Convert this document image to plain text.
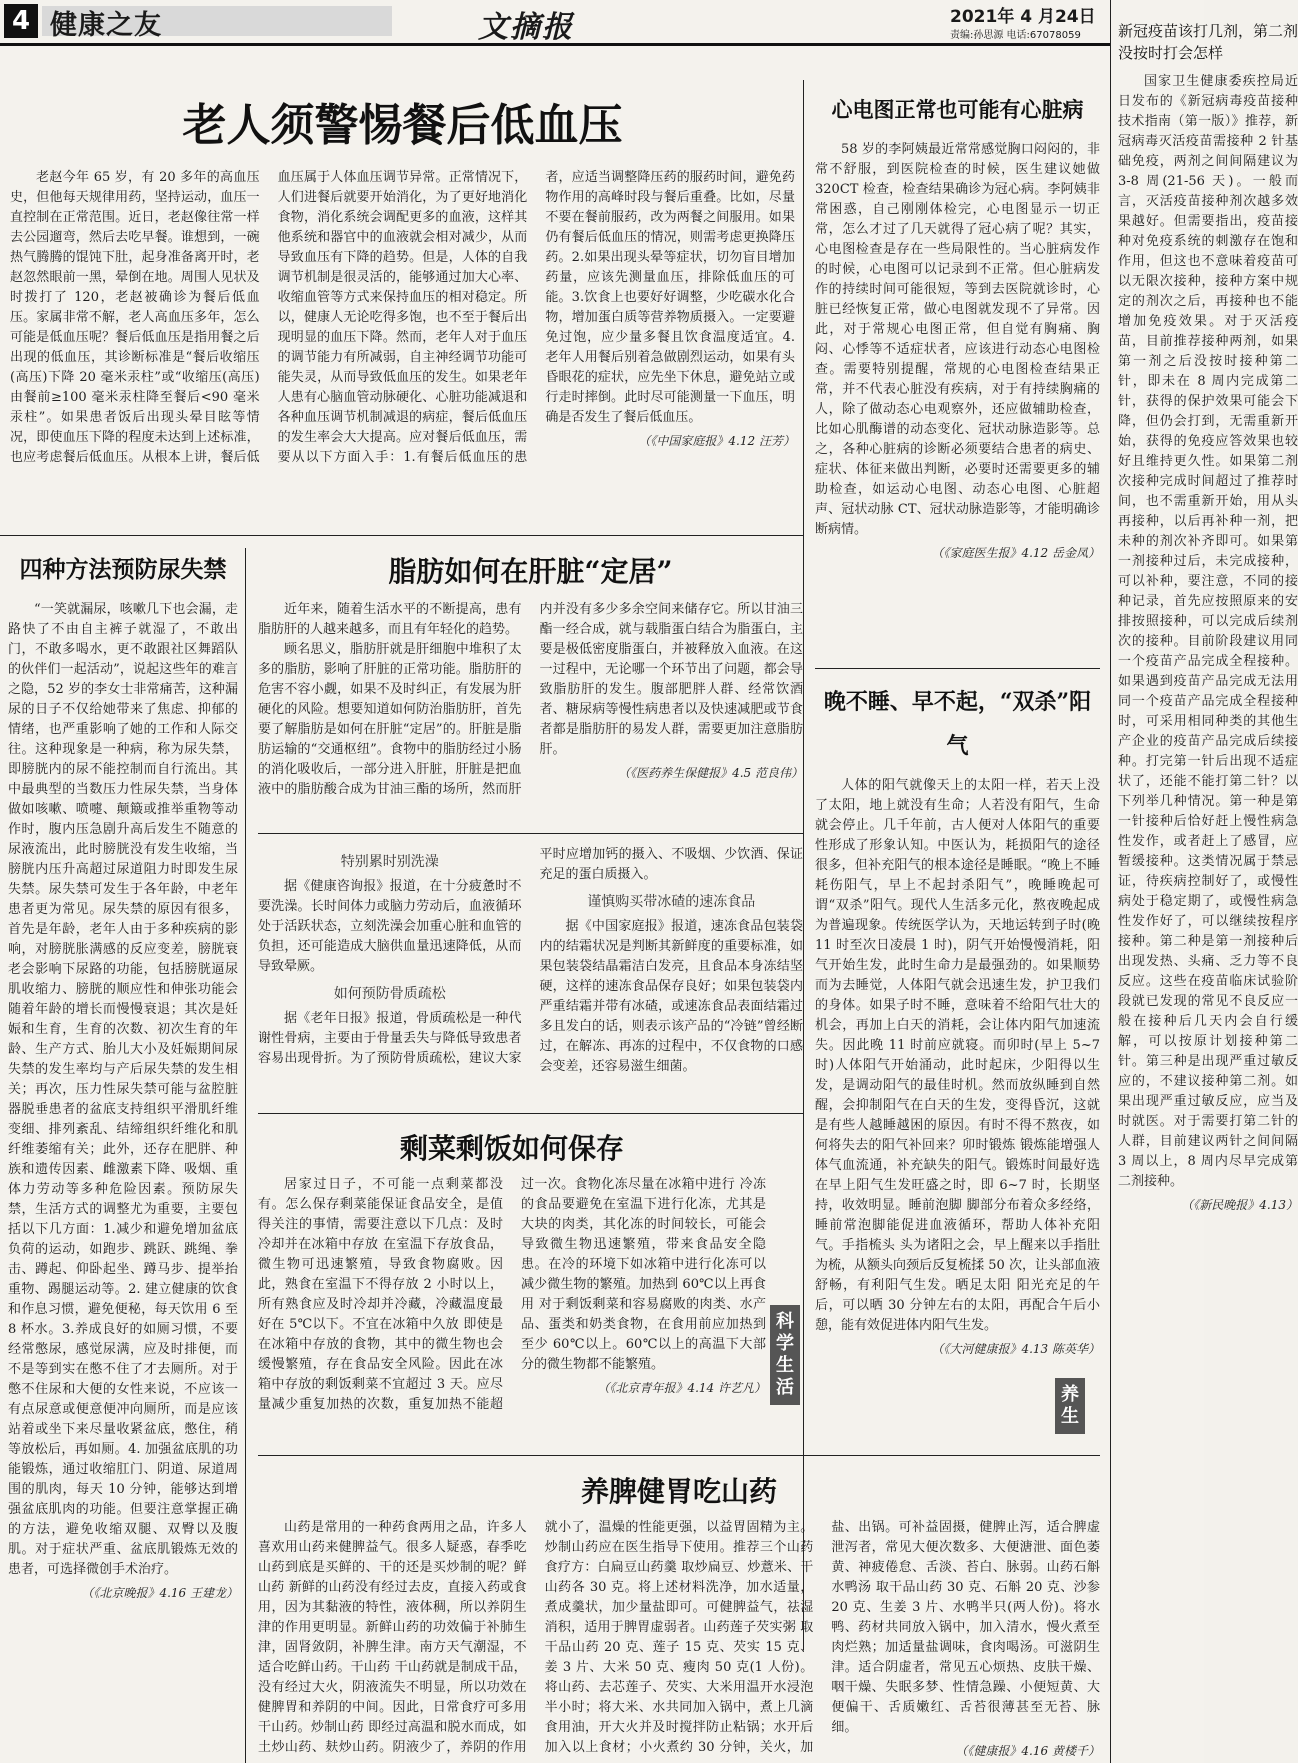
4 健康之友	文摘报	2021年 4 月24日
责编:孙思源 电话:67078059
老人须警惕餐后低血压

老赵今年 65 岁，有 20 多年的高血压史，但他每天规律用药，坚持运动，血压一直控制在正常范围。近日，老赵像往常一样去公园遛弯，然后去吃早餐。谁想到，一碗热气腾腾的馄饨下肚，起身准备离开时，老赵忽然眼前一黑，晕倒在地。周围人见状及时拨打了 120，老赵被确诊为餐后低血压。家属非常不解，老人高血压多年，怎么可能是低血压呢？餐后低血压是指用餐之后出现的低血压，其诊断标准是“餐后收缩压(高压)下降 20 毫米汞柱”或“收缩压(高压)由餐前≥100 毫米汞柱降至餐后<90 毫米汞柱”。如果患者饭后出现头晕目眩等情况，即使血压下降的程度未达到上述标准，也应考虑餐后低血压。从根本上讲，餐后低血压属于人体血压调节异常。正常情况下，人们进餐后就要开始消化，为了更好地消化食物，消化系统会调配更多的血液，这样其他系统和器官中的血液就会相对减少，从而导致血压有下降的趋势。但是，人体的自我调节机制是很灵活的，能够通过加大心率、收缩血管等方式来保持血压的相对稳定。所以，健康人无论吃得多饱，也不至于餐后出现明显的血压下降。然而，老年人对于血压的调节能力有所减弱，自主神经调节功能可能失灵，从而导致低血压的发生。如果老年人患有心脑血管动脉硬化、心脏功能减退和各种血压调节机制减退的病症，餐后低血压的发生率会大大提高。应对餐后低血压，需要从以下方面入手：1.有餐后低血压的患者，应适当调整降压药的服药时间，避免药物作用的高峰时段与餐后重叠。比如，尽量不要在餐前服药，改为两餐之间服用。如果仍有餐后低血压的情况，则需考虑更换降压药。2.如果出现头晕等症状，切勿盲目增加药量，应该先测量血压，排除低血压的可能。3.饮食上也要好好调整，少吃碳水化合物，增加蛋白质等营养物质摄入。一定要避免过饱，应少量多餐且饮食温度适宜。4. 老年人用餐后别着急做剧烈运动，如果有头昏眼花的症状，应先坐下休息，避免站立或行走时摔倒。此时尽可能测量一下血压，明确是否发生了餐后低血压。

（《中国家庭报》4.12 汪芳）

心电图正常也可能有心脏病

58 岁的李阿姨最近常常感觉胸口闷闷的，非常不舒服，到医院检查的时候，医生建议她做 320CT 检查，检查结果确诊为冠心病。李阿姨非常困惑，自己刚刚体检完，心电图显示一切正常，怎么才过了几天就得了冠心病了呢？其实，心电图检查是存在一些局限性的。当心脏病发作的时候，心电图可以记录到不正常。但心脏病发作的持续时间可能很短，等到去医院就诊时，心脏已经恢复正常，做心电图就发现不了异常。因此，对于常规心电图正常，但自觉有胸痛、胸闷、心悸等不适症状者，应该进行动态心电图检查。需要特别提醒，常规的心电图检查结果正常，并不代表心脏没有疾病，对于有持续胸痛的人，除了做动态心电观察外，还应做辅助检查，比如心肌酶谱的动态变化、冠状动脉造影等。总之，各种心脏病的诊断必须要结合患者的病史、症状、体征来做出判断，必要时还需要更多的辅助检查，如运动心电图、动态心电图、心脏超声、冠状动脉 CT、冠状动脉造影等，才能明确诊断病情。

（《家庭医生报》4.12 岳金凤）

四种方法预防尿失禁

“一笑就漏尿，咳嗽几下也会漏，走路快了不由自主裤子就湿了，不敢出门，不敢多喝水，更不敢跟社区舞蹈队的伙伴们一起活动”，说起这些年的难言之隐，52 岁的李女士非常痛苦，这种漏尿的日子不仅给她带来了焦虑、抑郁的情绪，也严重影响了她的工作和人际交往。这种现象是一种病，称为尿失禁，即膀胱内的尿不能控制而自行流出。其中最典型的当数压力性尿失禁，当身体做如咳嗽、喷嚏、颠簸或推举重物等动作时，腹内压急剧升高后发生不随意的尿液流出，此时膀胱没有发生收缩，当膀胱内压升高超过尿道阻力时即发生尿失禁。尿失禁可发生于各年龄，中老年患者更为常见。尿失禁的原因有很多，首先是年龄，老年人由于多种疾病的影响，对膀胱胀满感的反应变差，膀胱衰老会影响下尿路的功能，包括膀胱逼尿肌收缩力、膀胱的顺应性和伸张功能会随着年龄的增长而慢慢衰退；其次是妊娠和生育，生育的次数、初次生育的年龄、生产方式、胎儿大小及妊娠期间尿失禁的发生率均与产后尿失禁的发生相关；再次，压力性尿失禁可能与盆腔脏器脱垂患者的盆底支持组织平滑肌纤维变细、排列紊乱、结缔组织纤维化和肌纤维萎缩有关；此外，还存在肥胖、种族和遗传因素、雌激素下降、吸烟、重体力劳动等多种危险因素。预防尿失禁，生活方式的调整尤为重要，主要包括以下几方面：1.减少和避免增加盆底负荷的运动，如跑步、跳跃、跳绳、拳击、蹲起、仰卧起坐、蹲马步、提举抬重物、踢腿运动等。2. 建立健康的饮食和作息习惯，避免便秘，每天饮用 6 至 8 杯水。3.养成良好的如厕习惯，不要经常憋尿，感觉尿满，应及时排便，而不是等到实在憋不住了才去厕所。对于憋不住尿和大便的女性来说，不应该一有点尿意或便意便冲向厕所，而是应该站着或坐下来尽量收紧盆底，憋住，稍等放松后，再如厕。4. 加强盆底肌的功能锻炼，通过收缩肛门、阴道、尿道周围的肌肉，每天 10 分钟，能够达到增强盆底肌肉的功能。但要注意掌握正确的方法，避免收缩双腿、双臀以及腹肌。对于症状严重、盆底肌锻炼无效的患者，可选择微创手术治疗。

（《北京晚报》4.16 王建龙）

脂肪如何在肝脏“定居”

近年来，随着生活水平的不断提高，患有脂肪肝的人越来越多，而且有年轻化的趋势。

顾名思义，脂肪肝就是肝细胞中堆积了太多的脂肪，影响了肝脏的正常功能。脂肪肝的危害不容小觑，如果不及时纠正，有发展为肝硬化的风险。想要知道如何防治脂肪肝，首先要了解脂肪是如何在肝脏“定居”的。肝脏是脂肪运输的“交通枢纽”。食物中的脂肪经过小肠的消化吸收后，一部分进入肝脏，肝脏是把血液中的脂肪酸合成为甘油三酯的场所，然而肝内并没有多少多余空间来储存它。所以甘油三酯一经合成，就与载脂蛋白结合为脂蛋白，主要是极低密度脂蛋白，并被释放入血液。在这一过程中，无论哪一个环节出了问题，都会导致脂肪肝的发生。腹部肥胖人群、经常饮酒者、糖尿病等慢性病患者以及快速减肥或节食者都是脂肪肝的易发人群，需要更加注意脂肪肝。

（《医药养生保健报》4.5 范良伟）

特别累时别洗澡

据《健康咨询报》报道，在十分疲惫时不要洗澡。长时间体力或脑力劳动后，血液循环处于活跃状态，立刻洗澡会加重心脏和血管的负担，还可能造成大脑供血量迅速降低，从而导致晕厥。

如何预防骨质疏松

据《老年日报》报道，骨质疏松是一种代谢性骨病，主要由于骨量丢失与降低导致患者容易出现骨折。为了预防骨质疏松，建议大家平时应增加钙的摄入、不吸烟、少饮酒、保证充足的蛋白质摄入。

谨慎购买带冰碴的速冻食品

据《中国家庭报》报道，速冻食品包装袋内的结霜状况是判断其新鲜度的重要标准，如果包装袋结晶霜洁白发亮，且食品本身冻结坚硬，这样的速冻食品保存良好；如果包装袋内严重结霜并带有冰碴，或速冻食品表面结霜过多且发白的话，则表示该产品的“冷链”曾经断过，在解冻、再冻的过程中，不仅食物的口感会变差，还容易滋生细菌。

晚不睡、早不起，“双杀”阳气

人体的阳气就像天上的太阳一样，若天上没了太阳，地上就没有生命；人若没有阳气，生命就会停止。几千年前，古人便对人体阳气的重要性形成了形象认知。中医认为，耗损阳气的途径很多，但补充阳气的根本途径是睡眠。“晚上不睡耗伤阳气，早上不起封杀阳气”，晚睡晚起可谓“双杀”阳气。现代人生活多元化，熬夜晚起成为普遍现象。传统医学认为，天地运转到子时(晚 11 时至次日凌晨 1 时)，阴气开始慢慢消耗，阳气开始生发，此时生命力是最强劲的。如果顺势而为去睡觉，人体阳气就会迅速生发，护卫我们的身体。如果子时不睡，意味着不给阳气壮大的机会，再加上白天的消耗，会让体内阳气加速流失。因此晚 11 时前应就寝。而卯时(早上 5~7 时)人体阳气开始涌动，此时起床，少阳得以生发，是调动阳气的最佳时机。然而放纵睡到自然醒，会抑制阳气在白天的生发，变得昏沉，这就是有些人越睡越困的原因。有时不得不熬夜，如何将失去的阳气补回来？卯时锻炼 锻炼能增强人体气血流通，补充缺失的阳气。锻炼时间最好选在早上阳气生发旺盛之时，即 6~7 时，长期坚持，收效明显。睡前泡脚 脚部分布着众多经络，睡前常泡脚能促进血液循环，帮助人体补充阳气。手指梳头 头为诸阳之会，早上醒来以手指肚为梳，从额头向颈后反复梳揉 50 次，让头部血液舒畅，有利阳气生发。晒足太阳 阳光充足的午后，可以晒 30 分钟左右的太阳，再配合午后小憩，能有效促进体内阳气生发。

（《大河健康报》4.13 陈英华）

养生
剩菜剩饭如何保存

居家过日子，不可能一点剩菜都没有。怎么保存剩菜能保证食品安全，是值得关注的事情，需要注意以下几点：及时冷却并在冰箱中存放 在室温下存放食品，微生物可迅速繁殖，导致食物腐败。因此，熟食在室温下不得存放 2 小时以上，所有熟食应及时冷却并冷藏，冷藏温度最好在 5℃以下。不宜在冰箱中久放 即使是在冰箱中存放的食物，其中的微生物也会缓慢繁殖，存在食品安全风险。因此在冰箱中存放的剩饭剩菜不宜超过 3 天。应尽量减少重复加热的次数，重复加热不能超过一次。食物化冻尽量在冰箱中进行 冷冻的食品要避免在室温下进行化冻，尤其是大块的肉类，其化冻的时间较长，可能会导致微生物迅速繁殖，带来食品安全隐患。在冷的环境下如冰箱中进行化冻可以减少微生物的繁殖。加热到 60℃以上再食用 对于剩饭剩菜和容易腐败的肉类、水产品、蛋类和奶类食物，在食用前应加热到至少 60℃以上。60℃以上的高温下大部分的微生物都不能繁殖。

（《北京青年报》4.14 许艺凡）

科学生活
养脾健胃吃山药

山药是常用的一种药食两用之品，许多人喜欢用山药来健脾益气。很多人疑惑，春季吃山药到底是买鲜的、干的还是买炒制的呢？鲜山药 新鲜的山药没有经过去皮，直接入药或食用，因为其黏液的特性，液体稠，所以养阴生津的作用更明显。新鲜山药的功效偏于补肺生津，固肾敛阴，补脾生津。南方天气潮湿，不适合吃鲜山药。干山药 干山药就是制成干品，没有经过大火，阴液流失不明显，所以功效在健脾胃和养阴的中间。因此，日常食疗可多用干山药。炒制山药 即经过高温和脱水而成，如土炒山药、麸炒山药。阴液少了，养阴的作用就小了，温燥的性能更强，以益胃固精为主。炒制山药应在医生指导下使用。推荐三个山药食疗方：白扁豆山药羹 取炒扁豆、炒薏米、干山药各 30 克。将上述材料洗净，加水适量，煮成羹状，加少量盐即可。可健脾益气，祛湿消积，适用于脾胃虚弱者。山药莲子芡实粥 取干品山药 20 克、莲子 15 克、芡实 15 克、姜 3 片、大米 50 克、瘦肉 50 克(1 人份)。将山药、去芯莲子、芡实、大米用温开水浸泡半小时；将大米、水共同加入锅中，煮上几滴食用油，开大火并及时搅拌防止粘锅；水开后加入以上食材；小火煮约 30 分钟，关火，加盐、出锅。可补益固摄，健脾止泻，适合脾虚泄泻者，常见大便次数多、大便溏泄、面色萎黄、神疲倦怠、舌淡、苔白、脉弱。山药石斛水鸭汤 取干品山药 30 克、石斛 20 克、沙参 20 克、生姜 3 片、水鸭半只(两人份)。将水鸭、药材共同放入锅中，加入清水，慢火煮至肉烂熟；加适量盐调味，食肉喝汤。可滋阴生津。适合阴虚者，常见五心烦热、皮肤干燥、咽干燥、失眠多梦、性情急躁、小便短黄、大便偏干、舌质嫩红、舌苔很薄甚至无苔、脉细。

（《健康报》4.16 黄楼千）

新冠疫苗该打几剂，第二剂没按时打会怎样

国家卫生健康委疾控局近日发布的《新冠病毒疫苗接种技术指南（第一版）》推荐，新冠病毒灭活疫苗需接种 2 针基础免疫，两剂之间间隔建议为 3-8 周(21-56 天)。一般而言，灭活疫苗接种剂次越多效果越好。但需要指出，疫苗接种对免疫系统的刺激存在饱和作用，但这也不意味着疫苗可以无限次接种，接种方案中规定的剂次之后，再接种也不能增加免疫效果。对于灭活疫苗，目前推荐接种两剂，如果第一剂之后没按时接种第二针，即未在 8 周内完成第二针，获得的保护效果可能会下降，但仍会打到，无需重新开始，获得的免疫应答效果也较好且维持更久性。如果第二剂次接种完成时间超过了推荐时间，也不需重新开始，用从头再接种，以后再补种一剂，把未种的剂次补齐即可。如果第一剂接种过后，未完成接种，可以补种，要注意，不同的接种记录，首先应按照原来的安排按照接种，可以完成后续剂次的接种。目前阶段建议用同一个疫苗产品完成全程接种。如果遇到疫苗产品完成无法用同一个疫苗产品完成全程接种时，可采用相同种类的其他生产企业的疫苗产品完成后续接种。打完第一针后出现不适症状了，还能不能打第二针？以下列举几种情况。第一种是第一针接种后恰好赶上慢性病急性发作，或者赶上了感冒，应暂缓接种。这类情况属于禁忌证，待疾病控制好了，或慢性病处于稳定期了，或慢性病急性发作好了，可以继续按程序接种。第二种是第一剂接种后出现发热、头痛、乏力等不良反应。这些在疫苗临床试验阶段就已发现的常见不良反应一般在接种后几天内会自行缓解，可以按原计划接种第二针。第三种是出现严重过敏反应的，不建议接种第二剂。如果出现严重过敏反应，应当及时就医。对于需要打第二针的人群，目前建议两针之间间隔 3 周以上，8 周内尽早完成第二剂接种。

（《新民晚报》4.13）
